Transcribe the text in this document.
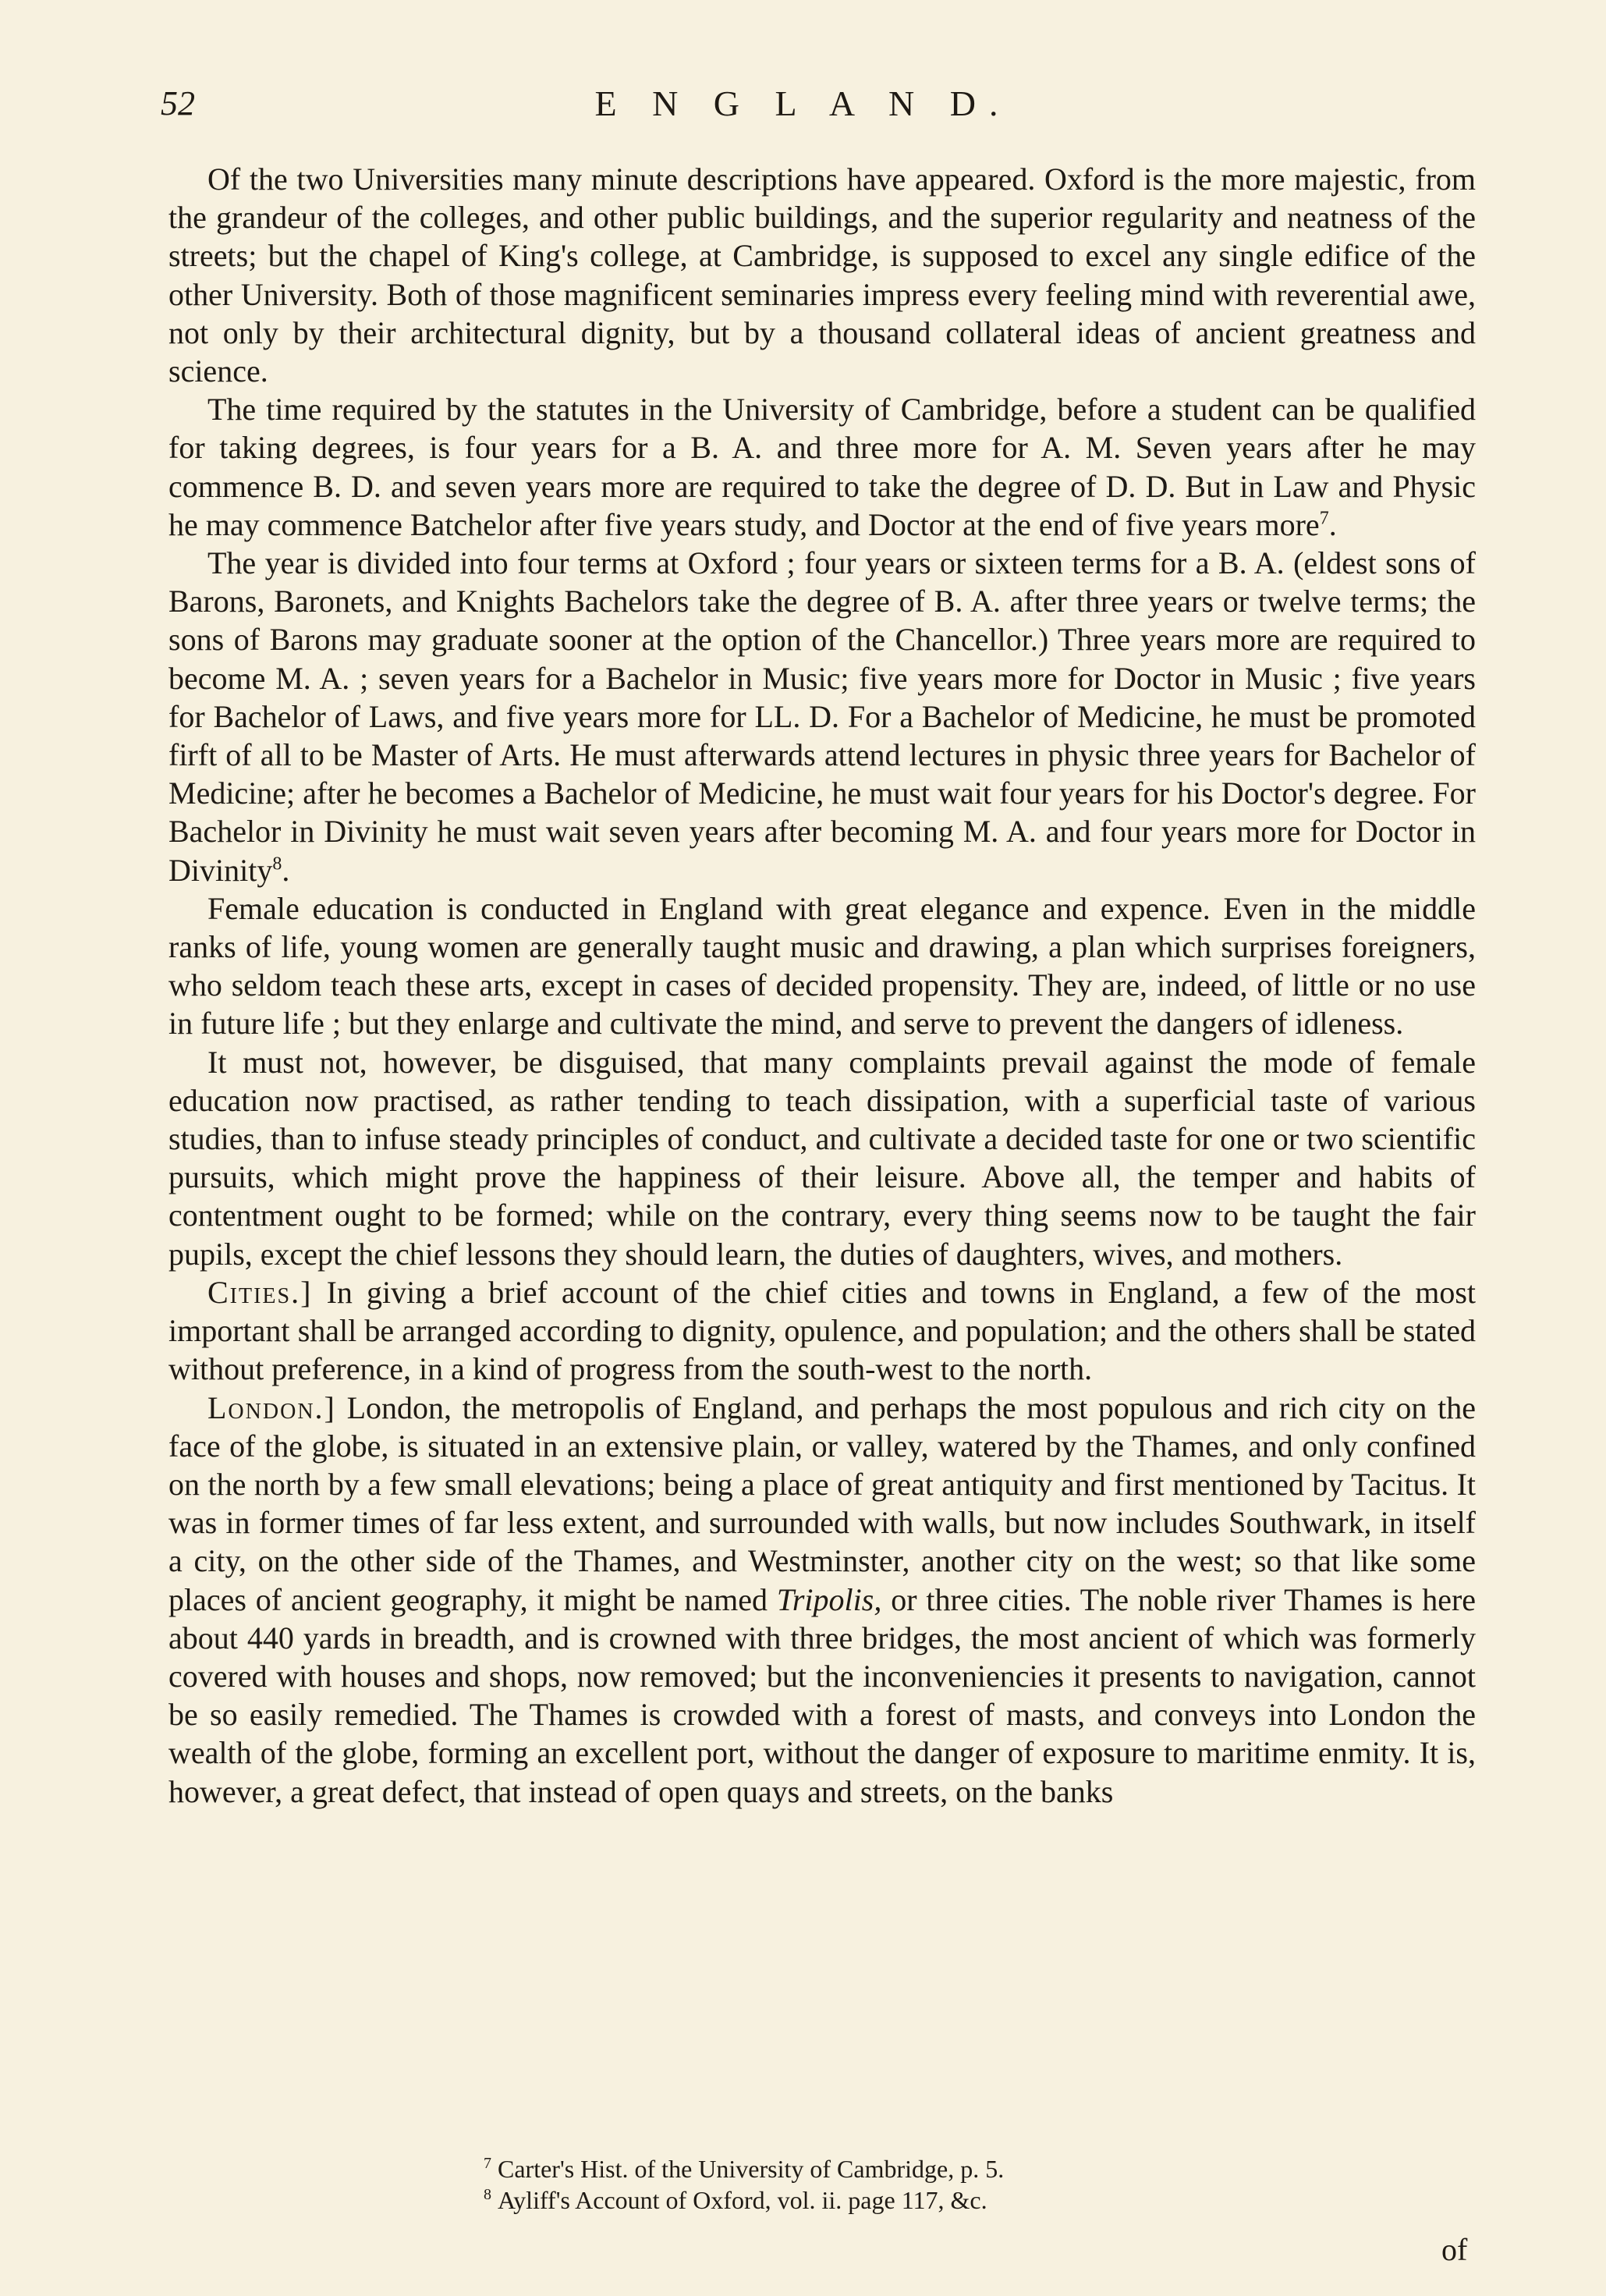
52	E N G L A N D.

Of the two Universities many minute descriptions have appeared. Oxford is the more majestic, from the grandeur of the colleges, and other public buildings, and the superior regularity and neatness of the streets; but the chapel of King's college, at Cambridge, is supposed to excel any single edifice of the other University. Both of those magnificent seminaries impress every feeling mind with reverential awe, not only by their architectural dignity, but by a thousand collateral ideas of ancient greatness and science.

The time required by the statutes in the University of Cambridge, before a student can be qualified for taking degrees, is four years for a B. A. and three more for A. M. Seven years after he may commence B. D. and seven years more are required to take the degree of D. D. But in Law and Physic he may commence Batchelor after five years study, and Doctor at the end of five years more$^7$.

The year is divided into four terms at Oxford ; four years or sixteen terms for a B. A. (eldest sons of Barons, Baronets, and Knights Bachelors take the degree of B. A. after three years or twelve terms; the sons of Barons may graduate sooner at the option of the Chancellor.) Three years more are required to become M. A. ; seven years for a Bachelor in Music; five years more for Doctor in Music ; five years for Bachelor of Laws, and five years more for LL. D. For a Bachelor of Medicine, he must be promoted firft of all to be Master of Arts. He must afterwards attend lectures in physic three years for Bachelor of Medicine; after he becomes a Bachelor of Medicine, he must wait four years for his Doctor's degree. For Bachelor in Divinity he must wait seven years after becoming M. A. and four years more for Doctor in Divinity$^8$.

Female education is conducted in England with great elegance and expence. Even in the middle ranks of life, young women are generally taught music and drawing, a plan which surprises foreigners, who seldom teach these arts, except in cases of decided propensity. They are, indeed, of little or no use in future life ; but they enlarge and cultivate the mind, and serve to prevent the dangers of idleness.

It must not, however, be disguised, that many complaints prevail against the mode of female education now practised, as rather tending to teach dissipation, with a superficial taste of various studies, than to infuse steady principles of conduct, and cultivate a decided taste for one or two scientific pursuits, which might prove the happiness of their leisure. Above all, the temper and habits of contentment ought to be formed; while on the contrary, every thing seems now to be taught the fair pupils, except the chief lessons they should learn, the duties of daughters, wives, and mothers.

Cities.] In giving a brief account of the chief cities and towns in England, a few of the most important shall be arranged according to dignity, opulence, and population; and the others shall be stated without preference, in a kind of progress from the south-west to the north.

London.] London, the metropolis of England, and perhaps the most populous and rich city on the face of the globe, is situated in an extensive plain, or valley, watered by the Thames, and only confined on the north by a few small elevations; being a place of great antiquity and first mentioned by Tacitus. It was in former times of far less extent, and surrounded with walls, but now includes Southwark, in itself a city, on the other side of the Thames, and Westminster, another city on the west; so that like some places of ancient geography, it might be named Tripolis, or three cities. The noble river Thames is here about 440 yards in breadth, and is crowned with three bridges, the most ancient of which was formerly covered with houses and shops, now removed; but the inconveniencies it presents to navigation, cannot be so easily remedied. The Thames is crowded with a forest of masts, and conveys into London the wealth of the globe, forming an excellent port, without the danger of exposure to maritime enmity. It is, however, a great defect, that instead of open quays and streets, on the banks

$^7$ Carter's Hist. of the University of Cambridge, p. 5.
$^8$ Ayliff's Account of Oxford, vol. ii. page 117, &c.
of
